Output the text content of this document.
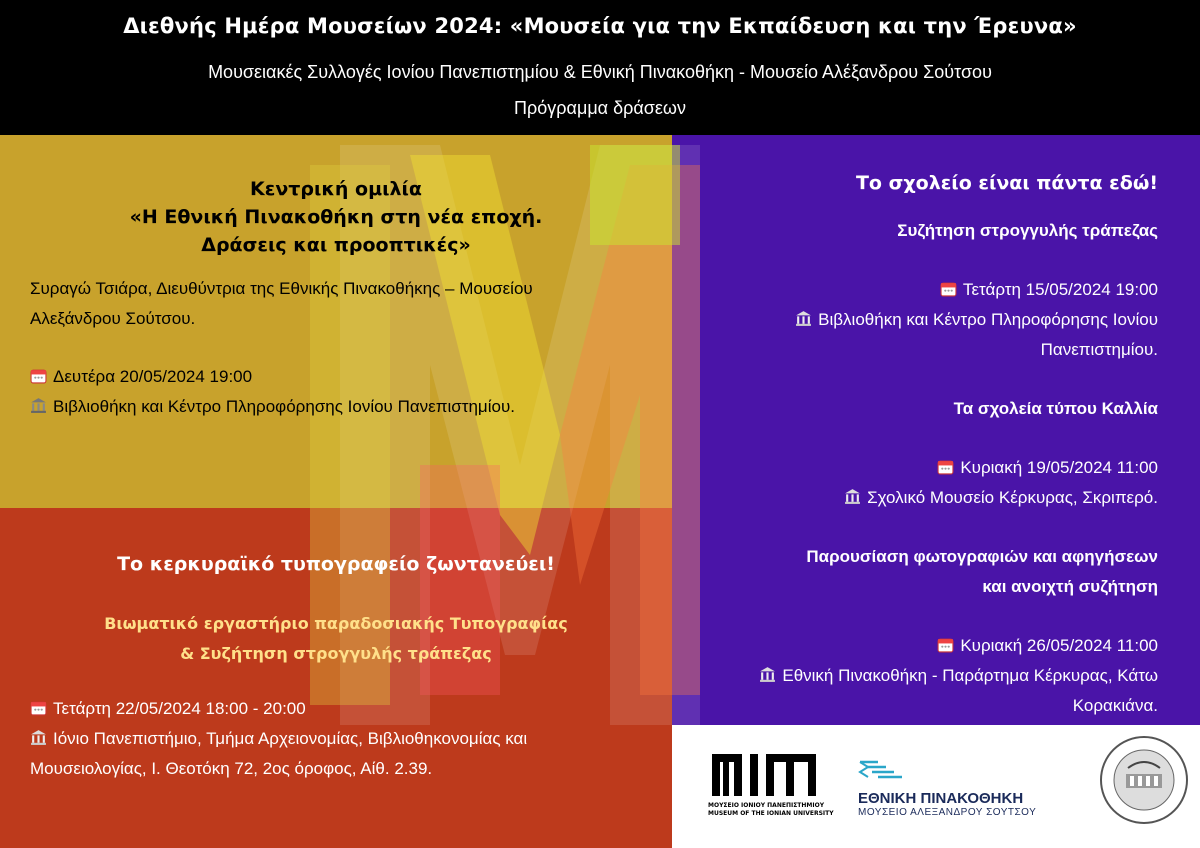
Διεθνής Ημέρα Μουσείων 2024: «Μουσεία για την Εκπαίδευση και την Έρευνα»
Μουσειακές Συλλογές Ιονίου Πανεπιστημίου & Εθνική Πινακοθήκη - Μουσείο Αλέξανδρου Σούτσου
Πρόγραμμα δράσεων
Κεντρική ομιλία
«Η Εθνική Πινακοθήκη στη νέα εποχή.
Δράσεις και προοπτικές»
Συραγώ Τσιάρα, Διευθύντρια της Εθνικής Πινακοθήκης – Μουσείου
Αλεξάνδρου Σούτσου.
Δευτέρα 20/05/2024 19:00
Βιβλιοθήκη και Κέντρο Πληροφόρησης Ιονίου Πανεπιστημίου.
Το κερκυραϊκό τυπογραφείο ζωντανεύει!
Βιωματικό εργαστήριο παραδοσιακής Τυπογραφίας
& Συζήτηση στρογγυλής τράπεζας
Τετάρτη 22/05/2024 18:00 - 20:00
Ιόνιο Πανεπιστήμιο, Τμήμα Αρχειονομίας, Βιβλιοθηκονομίας και
Μουσειολογίας, Ι. Θεοτόκη 72, 2ος όροφος, Αίθ. 2.39.
Το σχολείο είναι πάντα εδώ!
Συζήτηση στρογγυλής τράπεζας
Τετάρτη 15/05/2024 19:00
Βιβλιοθήκη και Κέντρο Πληροφόρησης Ιονίου
Πανεπιστημίου.
Τα σχολεία τύπου Καλλία
Κυριακή 19/05/2024 11:00
Σχολικό Μουσείο Κέρκυρας, Σκριπερό.
Παρουσίαση φωτογραφιών και αφηγήσεων
και ανοιχτή συζήτηση
Κυριακή 26/05/2024 11:00
Εθνική Πινακοθήκη - Παράρτημα Κέρκυρας, Κάτω
Κορακιάνα.
ΜΟΥΣΕΙΟ ΙΟΝΙΟΥ ΠΑΝΕΠΙΣΤΗΜΙΟΥ
MUSEUM OF THE IONIAN UNIVERSITY
ΕΘΝΙΚΗ ΠΙΝΑΚΟΘΗΚΗ
ΜΟΥΣΕΙΟ ΑΛΕΞΑΝΔΡΟΥ ΣΟΥΤΣΟΥ
